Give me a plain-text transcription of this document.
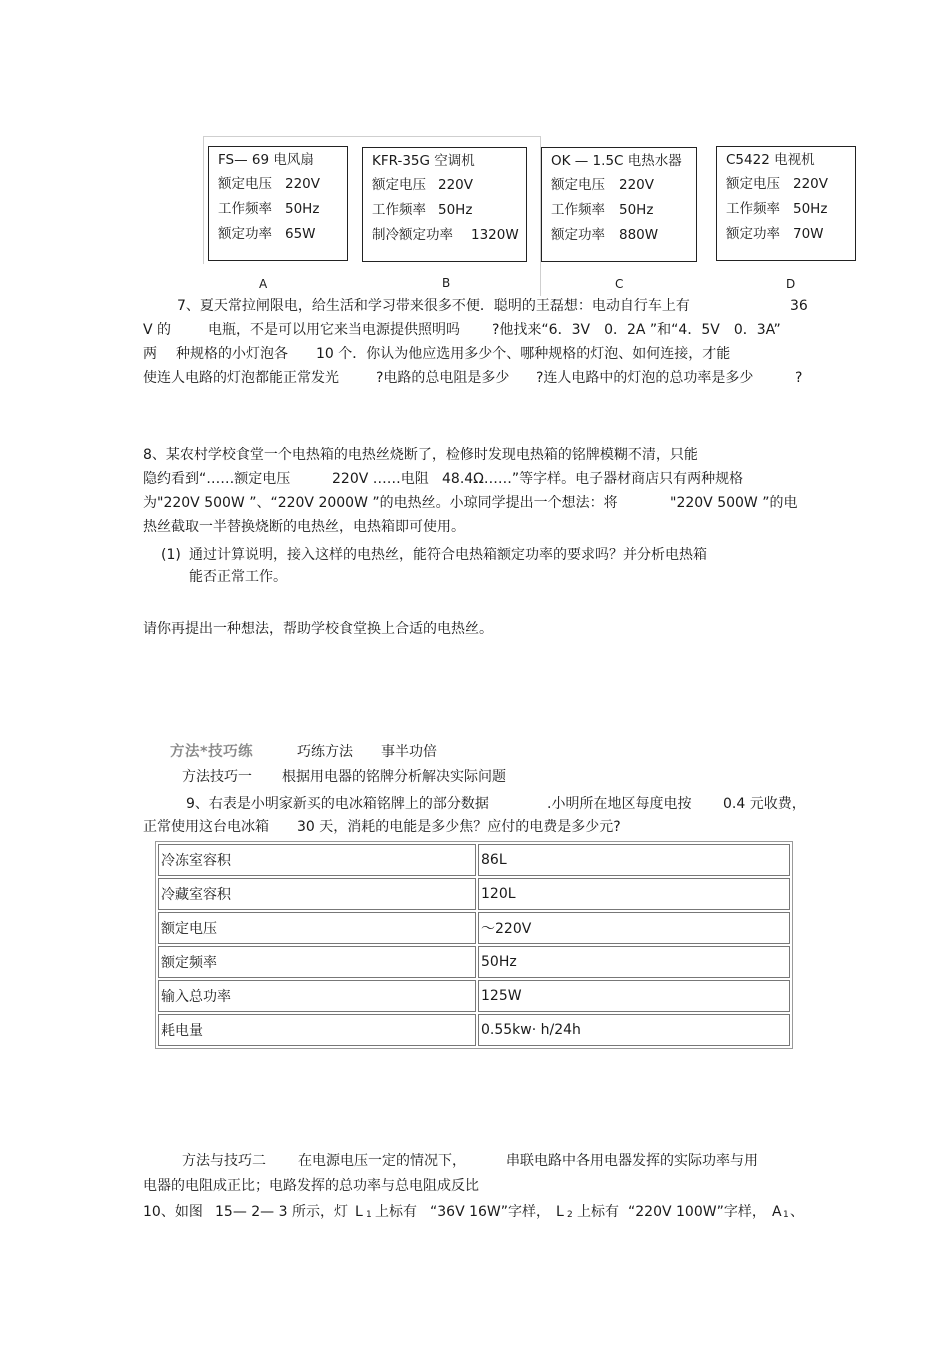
FS— 69 电风扇
额定电压 220V
工作频率 50Hz
额定功率 65W
A
KFR-35G 空调机
额定电压 220V
工作频率 50Hz
制冷额定功率 1320W
B
OK — 1.5C 电热水器
额定电压 220V
工作频率 50Hz
额定功率 880W
C
C5422 电视机
额定电压 220V
工作频率 50Hz
额定功率 70W
D
7、夏天常拉闸限电，给生活和学习带来很多不便．聪明的王磊想：电动自行车上有	36
V 的	电瓶，不是可以用它来当电源提供照明吗 ?他找来“6．3V　0．2A ”和“4．5V　0．3A”
两 种规格的小灯泡各 10 个．你认为他应选用多少个、哪种规格的灯泡、如何连接，才能
使连人电路的灯泡都能正常发光	?电路的总电阻是多少 ?连人电路中的灯泡的总功率是多少	?
8、某农村学校食堂一个电热箱的电热丝烧断了，检修时发现电热箱的铭牌模糊不清，只能
隐约看到“……额定电压	220V ……电阻 48.4Ω……”等字样。电子器材商店只有两种规格
为"220V 500W ”、“220V 2000W ”的电热丝。小琼同学提出一个想法：将	"220V 500W ”的电
热丝截取一半替换烧断的电热丝，电热箱即可使用。
(1) 通过计算说明，接入这样的电热丝，能符合电热箱额定功率的要求吗？并分析电热箱
能否正常工作。
请你再提出一种想法，帮助学校食堂换上合适的电热丝。
方法*技巧练	巧练方法 事半功倍
方法技巧一 根据用电器的铭牌分析解决实际问题
9、右表是小明家新买的电冰箱铭牌上的部分数据	.小明所在地区每度电按 0.4 元收费，
正常使用这台电冰箱 30 天，消耗的电能是多少焦？应付的电费是多少元?
冷冻室容积	86L
冷藏室容积	120L
额定电压	～220V
额定频率	50Hz
输入总功率	125W
耗电量	0.55kw· h/24h
方法与技巧二 在电源电压一定的情况下，	串联电路中各用电器发挥的实际功率与用
电器的电阻成正比；电路发挥的总功率与总电阻成反比
10、如图 15— 2— 3 所示，灯 L 1 上标有 “36V 16W”字样， L 2 上标有 “220V 100W”字样， A 1 、
